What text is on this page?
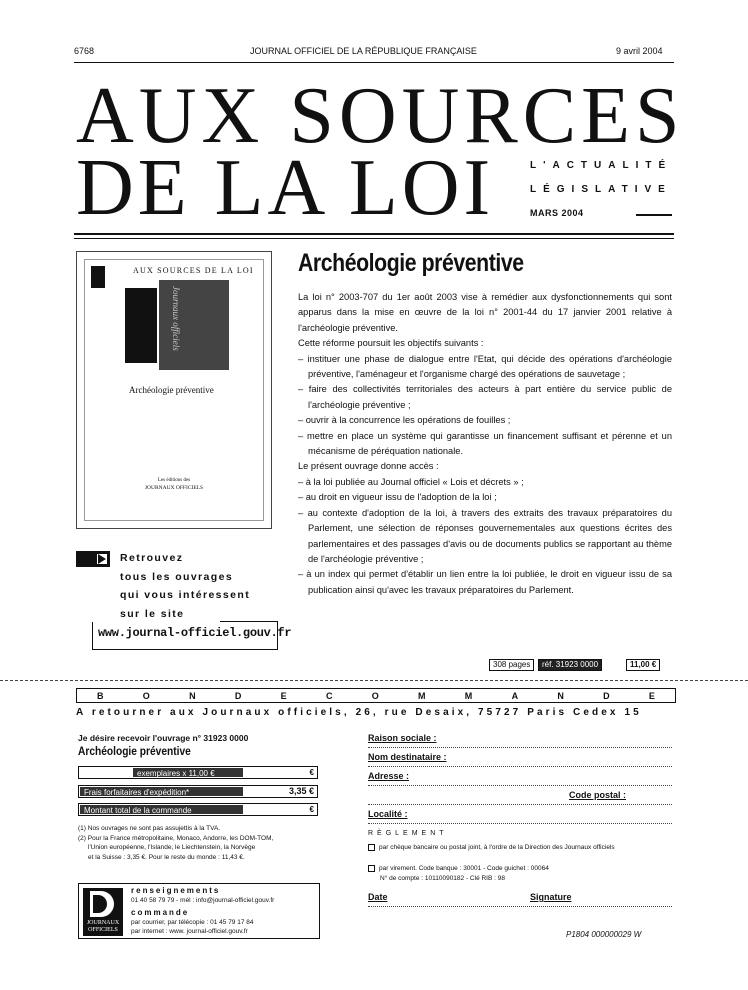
6768	JOURNAL OFFICIEL DE LA RÉPUBLIQUE FRANÇAISE	9 avril 2004
AUX SOURCES
DE LA LOI	L'ACTUALITÉ
LÉGISLATIVE
MARS 2004
AUX SOURCES DE LA LOI
Journaux officiels
Archéologie préventive
Les éditions des
JOURNAUX OFFICIELS
Retrouvez
tous les ouvrages
qui vous intéressent
sur le site
www.journal-officiel.gouv.fr
Archéologie préventive

La loi n° 2003-707 du 1er août 2003 vise à remédier aux dysfonctionnements qui sont apparus dans la mise en œuvre de la loi n° 2001-44 du 17 janvier 2001 relative à l'archéologie préventive.

Cette réforme poursuit les objectifs suivants :

– instituer une phase de dialogue entre l'Etat, qui décide des opérations d'archéologie préventive, l'aménageur et l'organisme chargé des opérations de sauvetage ;

– faire des collectivités territoriales des acteurs à part entière du service public de l'archéologie préventive ;

– ouvrir à la concurrence les opérations de fouilles ;

– mettre en place un système qui garantisse un financement suffisant et pérenne et un mécanisme de péréquation nationale.

Le présent ouvrage donne accès :

– à la loi publiée au Journal officiel « Lois et décrets » ;

– au droit en vigueur issu de l'adoption de la loi ;

– au contexte d'adoption de la loi, à travers des extraits des travaux préparatoires du Parlement, une sélection de réponses gouvernementales aux questions écrites des parlementaires et des passages d'avis ou de documents publics se rapportant au thème de l'archéologie préventive ;

– à un index qui permet d'établir un lien entre la loi publiée, le droit en vigueur issu de sa publication ainsi qu'avec les travaux préparatoires du Parlement.

308 pages	réf. 31923 0000	11,00 €
B	O	N	D	E	C	O	M	M	A	N	D	E
A retourner aux Journaux officiels, 26, rue Desaix, 75727 Paris Cedex 15
Je désire recevoir l'ouvrage n° 31923 0000
Archéologie préventive
exemplaires x 11,00 €	€
Frais forfaitaires d'expédition*	3,35 €
Montant total de la commande	€
(1) Nos ouvrages ne sont pas assujettis à la TVA.
(2) Pour la France métropolitaine, Monaco, Andorre, les DOM-TOM,
l'Union européenne, l'Islande, le Liechtenstein, la Norvège
et la Suisse : 3,35 €. Pour le reste du monde : 11,43 €.
JOURNAUX
OFFICIELS
renseignements
01 40 58 79 79 - mél : info@journal-officiel.gouv.fr
commande
par courrier, par télécopie : 01 45 79 17 84
par internet : www. journal-officiel.gouv.fr
Raison sociale :
Nom destinataire :
Adresse :
Code postal :
Localité :
RÈGLEMENT
par chèque bancaire ou postal joint, à l'ordre de la Direction des Journaux officiels
par virement. Code banque : 30001 - Code guichet : 00064
N° de compte : 10110090182 - Clé RIB : 98
Date	Signature
P1804 000000029 W
